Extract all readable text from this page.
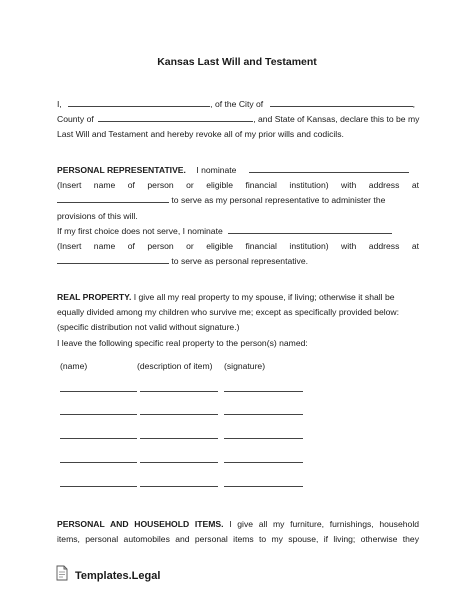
Kansas Last Will and Testament
I,	, of the City of	,
County of	, and State of Kansas, declare this to be my
Last Will and Testament and hereby revoke all of my prior wills and codicils.
PERSONAL REPRESENTATIVE. I nominate
(Insert name of person or eligible financial institution) with address at
to serve as my personal representative to administer the
provisions of this will.
If my first choice does not serve, I nominate
(Insert name of person or eligible financial institution) with address at
to serve as personal representative.
REAL PROPERTY. I give all my real property to my spouse, if living; otherwise it shall be
equally divided among my children who survive me; except as specifically provided below:
(specific distribution not valid without signature.)
I leave the following specific real property to the person(s) named:
(name)	(description of item) (signature)
PERSONAL AND HOUSEHOLD ITEMS. I give all my furniture, furnishings, household
items, personal automobiles and personal items to my spouse, if living; otherwise they
Templates.Legal
